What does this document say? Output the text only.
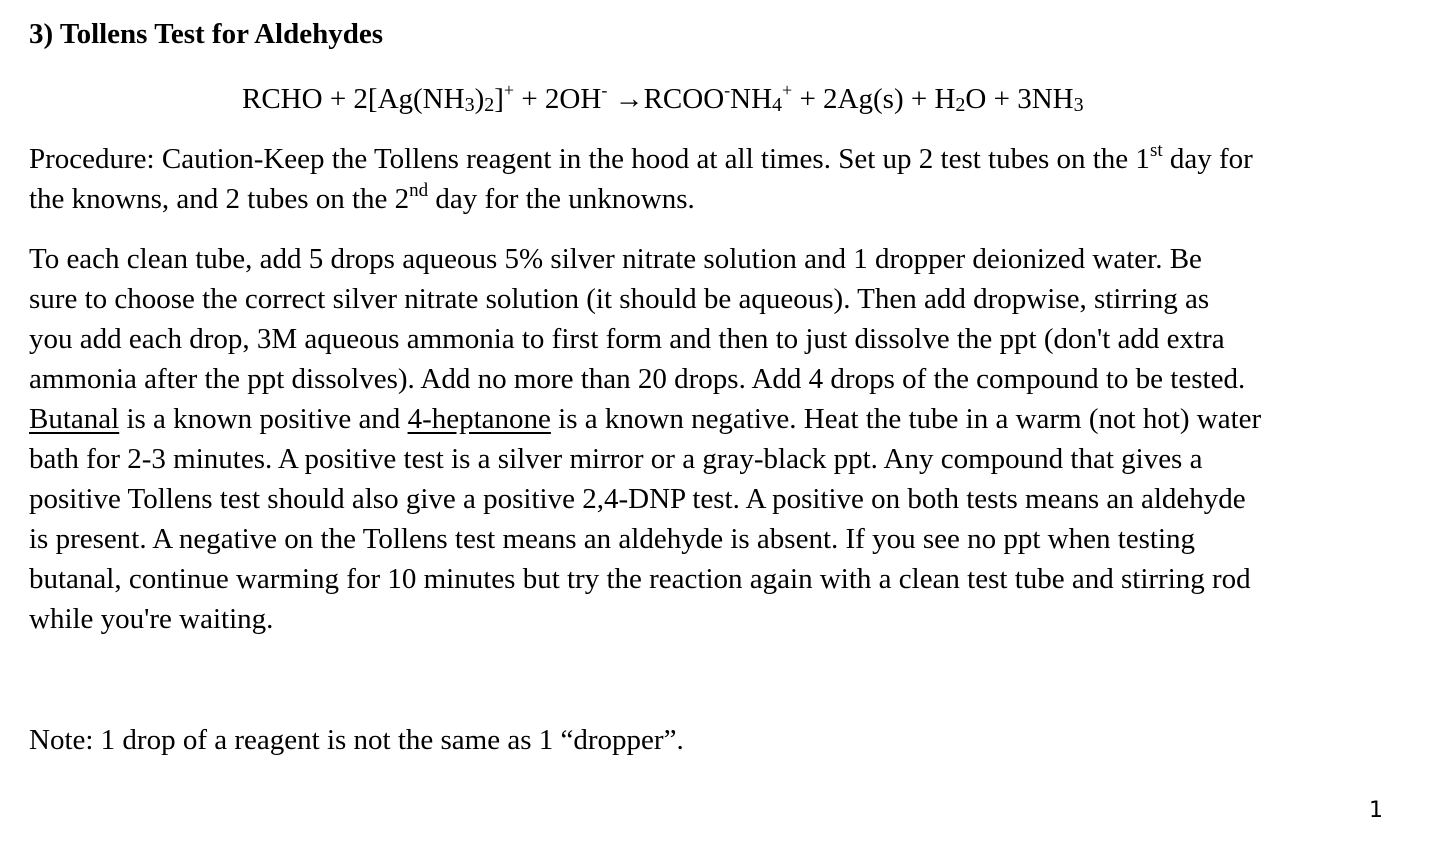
3) Tollens Test for Aldehydes
RCHO + $2[Ag(NH_3)_2]^+ + 2OH^-$ $\to RCOO^-NH_4^+ + 2Ag(s) + H_2O + 3NH_3$
Procedure: Caution-Keep the Tollens reagent in the hood at all times. Set up 2 test tubes on the 1st day for
the knowns, and 2 tubes on the 2nd day for the unknowns.
To each clean tube, add 5 drops aqueous 5% silver nitrate solution and 1 dropper deionized water. Be
sure to choose the correct silver nitrate solution (it should be aqueous). Then add dropwise, stirring as
you add each drop, 3M aqueous ammonia to first form and then to just dissolve the ppt (don't add extra
ammonia after the ppt dissolves). Add no more than 20 drops. Add 4 drops of the compound to be tested.
Butanal is a known positive and 4-heptanone is a known negative. Heat the tube in a warm (not hot) water
bath for 2-3 minutes. A positive test is a silver mirror or a gray-black ppt. Any compound that gives a
positive Tollens test should also give a positive 2,4-DNP test. A positive on both tests means an aldehyde
is present. A negative on the Tollens test means an aldehyde is absent. If you see no ppt when testing
butanal, continue warming for 10 minutes but try the reaction again with a clean test tube and stirring rod
while you're waiting.
Note: 1 drop of a reagent is not the same as 1 “dropper”.
1
